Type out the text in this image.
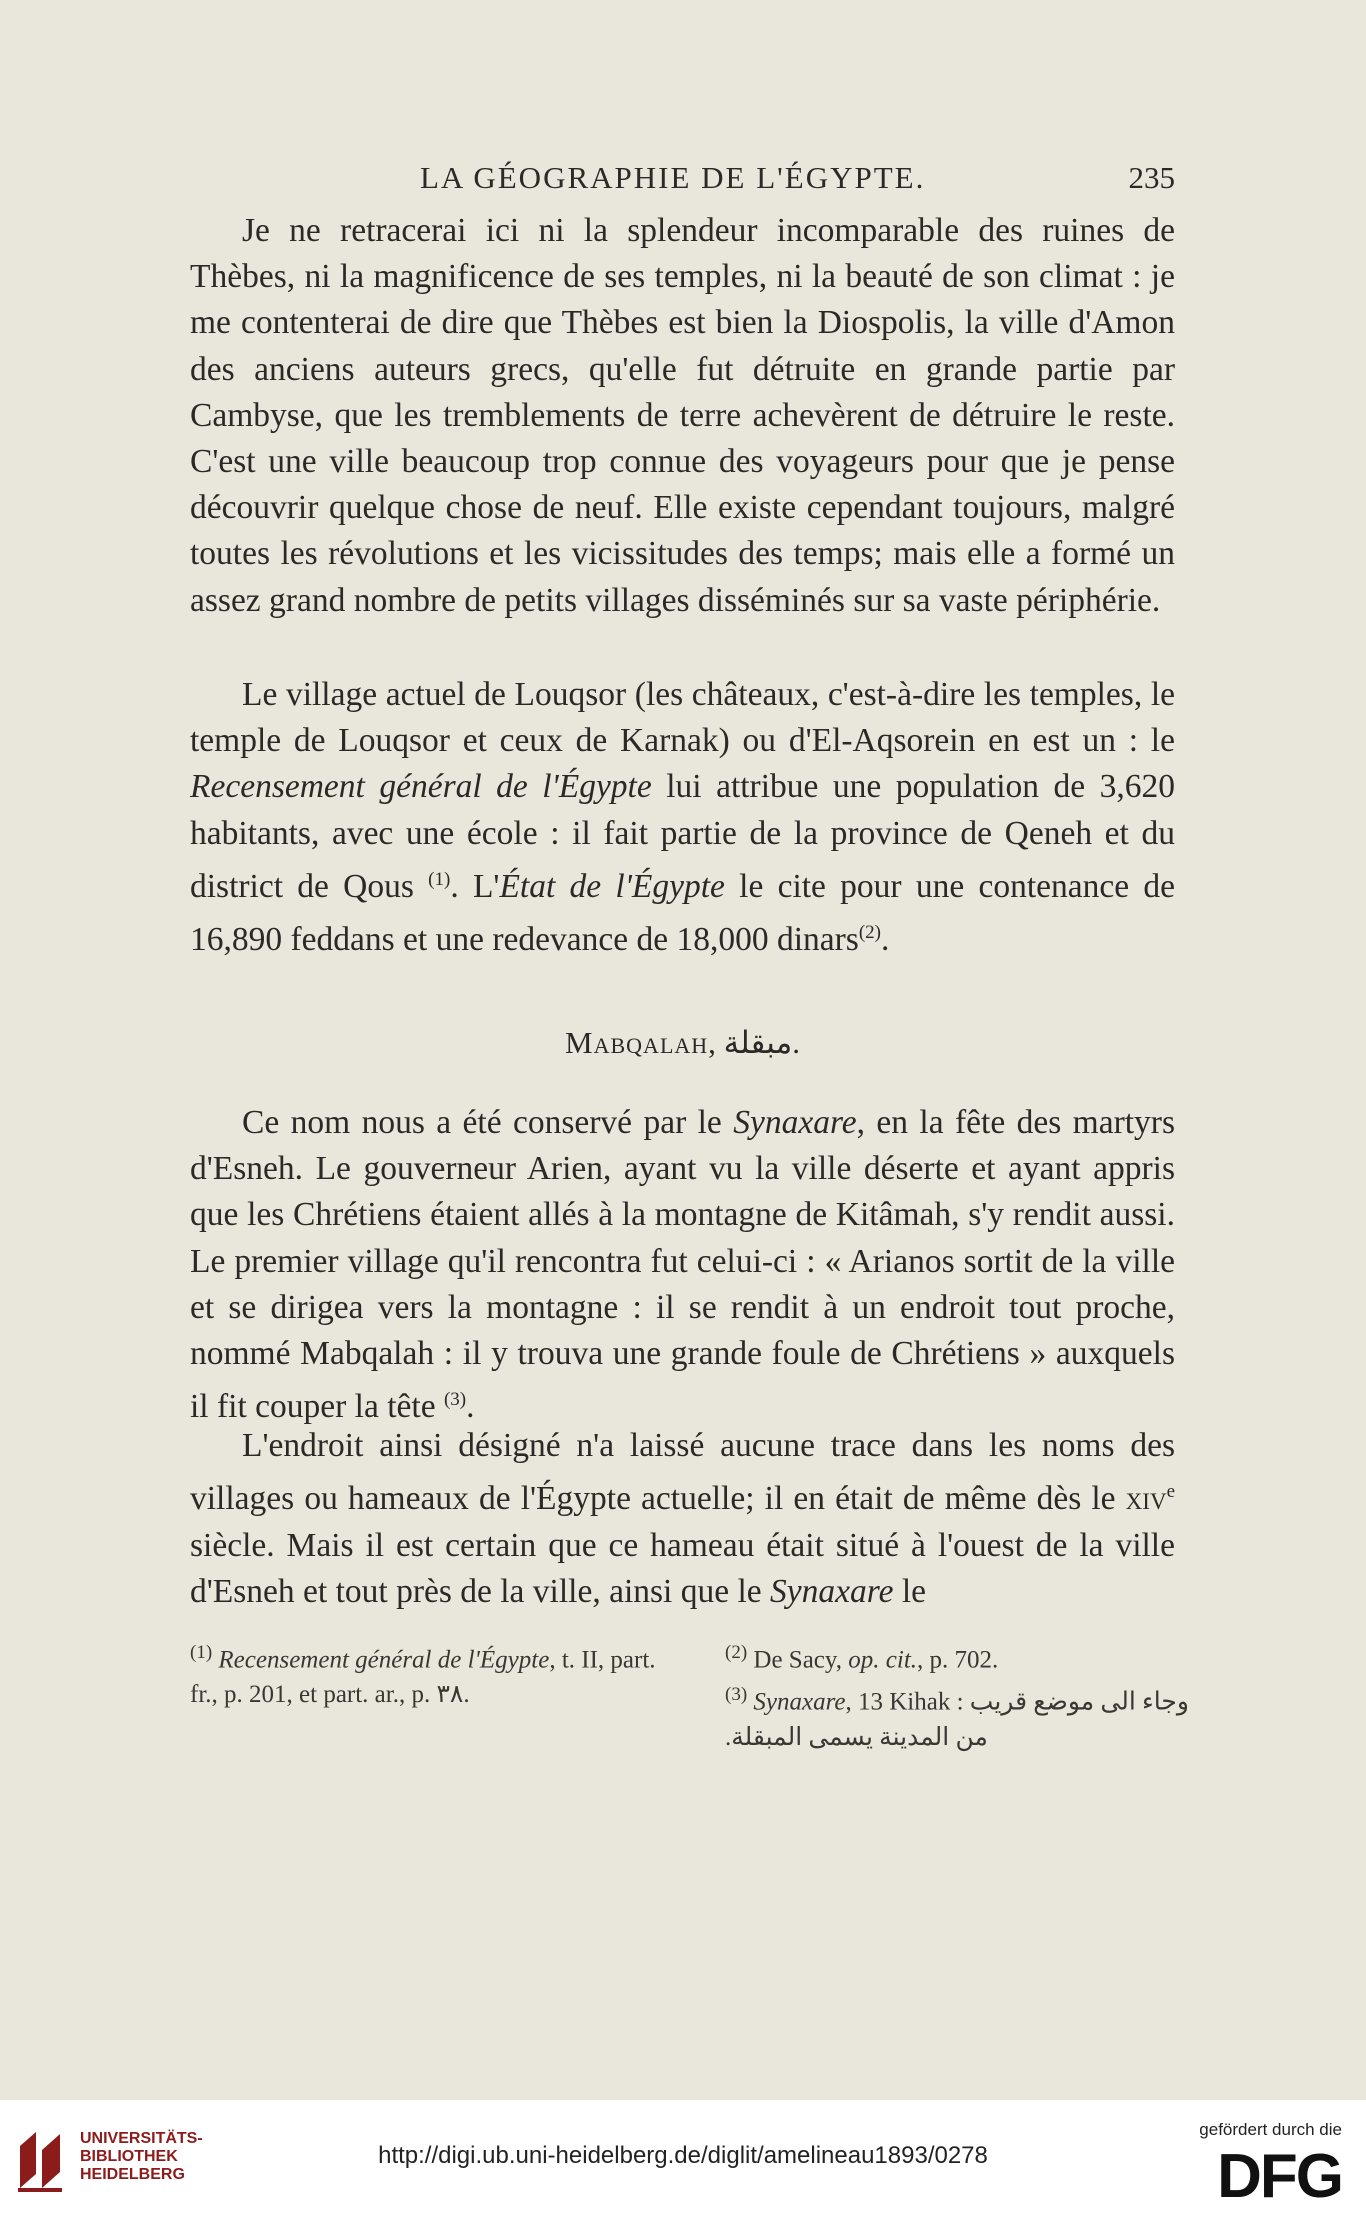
LA GÉOGRAPHIE DE L'ÉGYPTE.	235

Je ne retracerai ici ni la splendeur incomparable des ruines de Thèbes, ni la magnificence de ses temples, ni la beauté de son climat : je me contenterai de dire que Thèbes est bien la Diospolis, la ville d'Amon des anciens auteurs grecs, qu'elle fut détruite en grande partie par Cambyse, que les tremblements de terre achevèrent de détruire le reste. C'est une ville beaucoup trop connue des voyageurs pour que je pense découvrir quelque chose de neuf. Elle existe cependant toujours, malgré toutes les révolutions et les vicissitudes des temps; mais elle a formé un assez grand nombre de petits villages disséminés sur sa vaste périphérie.

Le village actuel de Louqsor (les châteaux, c'est-à-dire les temples, le temple de Louqsor et ceux de Karnak) ou d'El-Aqsorein en est un : le Recensement général de l'Égypte lui attribue une population de 3,620 habitants, avec une école : il fait partie de la province de Qeneh et du district de Qous $^{(1)}$. L'État de l'Égypte le cite pour une contenance de 16,890 feddans et une redevance de 18,000 dinars$^{(2)}$.

Mabqalah, مبقلة.

Ce nom nous a été conservé par le Synaxare, en la fête des martyrs d'Esneh. Le gouverneur Arien, ayant vu la ville déserte et ayant appris que les Chrétiens étaient allés à la montagne de Kitâmah, s'y rendit aussi. Le premier village qu'il rencontra fut celui-ci : « Arianos sortit de la ville et se dirigea vers la montagne : il se rendit à un endroit tout proche, nommé Mabqalah : il y trouva une grande foule de Chrétiens » auxquels il fit couper la tête $^{(3)}$.

L'endroit ainsi désigné n'a laissé aucune trace dans les noms des villages ou hameaux de l'Égypte actuelle; il en était de même dès le xiv$^e$ siècle. Mais il est certain que ce hameau était situé à l'ouest de la ville d'Esneh et tout près de la ville, ainsi que le Synaxare le

$^{(1)}$ Recensement général de l'Égypte, t. II, part. fr., p. 201, et part. ar., p. ٣٨.
$^{(2)}$ De Sacy, op. cit., p. 702.
$^{(3)}$ Synaxare, 13 Kihak : وجاء الى موضع قريب من المدينة يسمى المبقلة.
UNIVERSITÄTS-
BIBLIOTHEK
HEIDELBERG
http://digi.ub.uni-heidelberg.de/diglit/amelineau1893/0278
gefördert durch die
DFG
